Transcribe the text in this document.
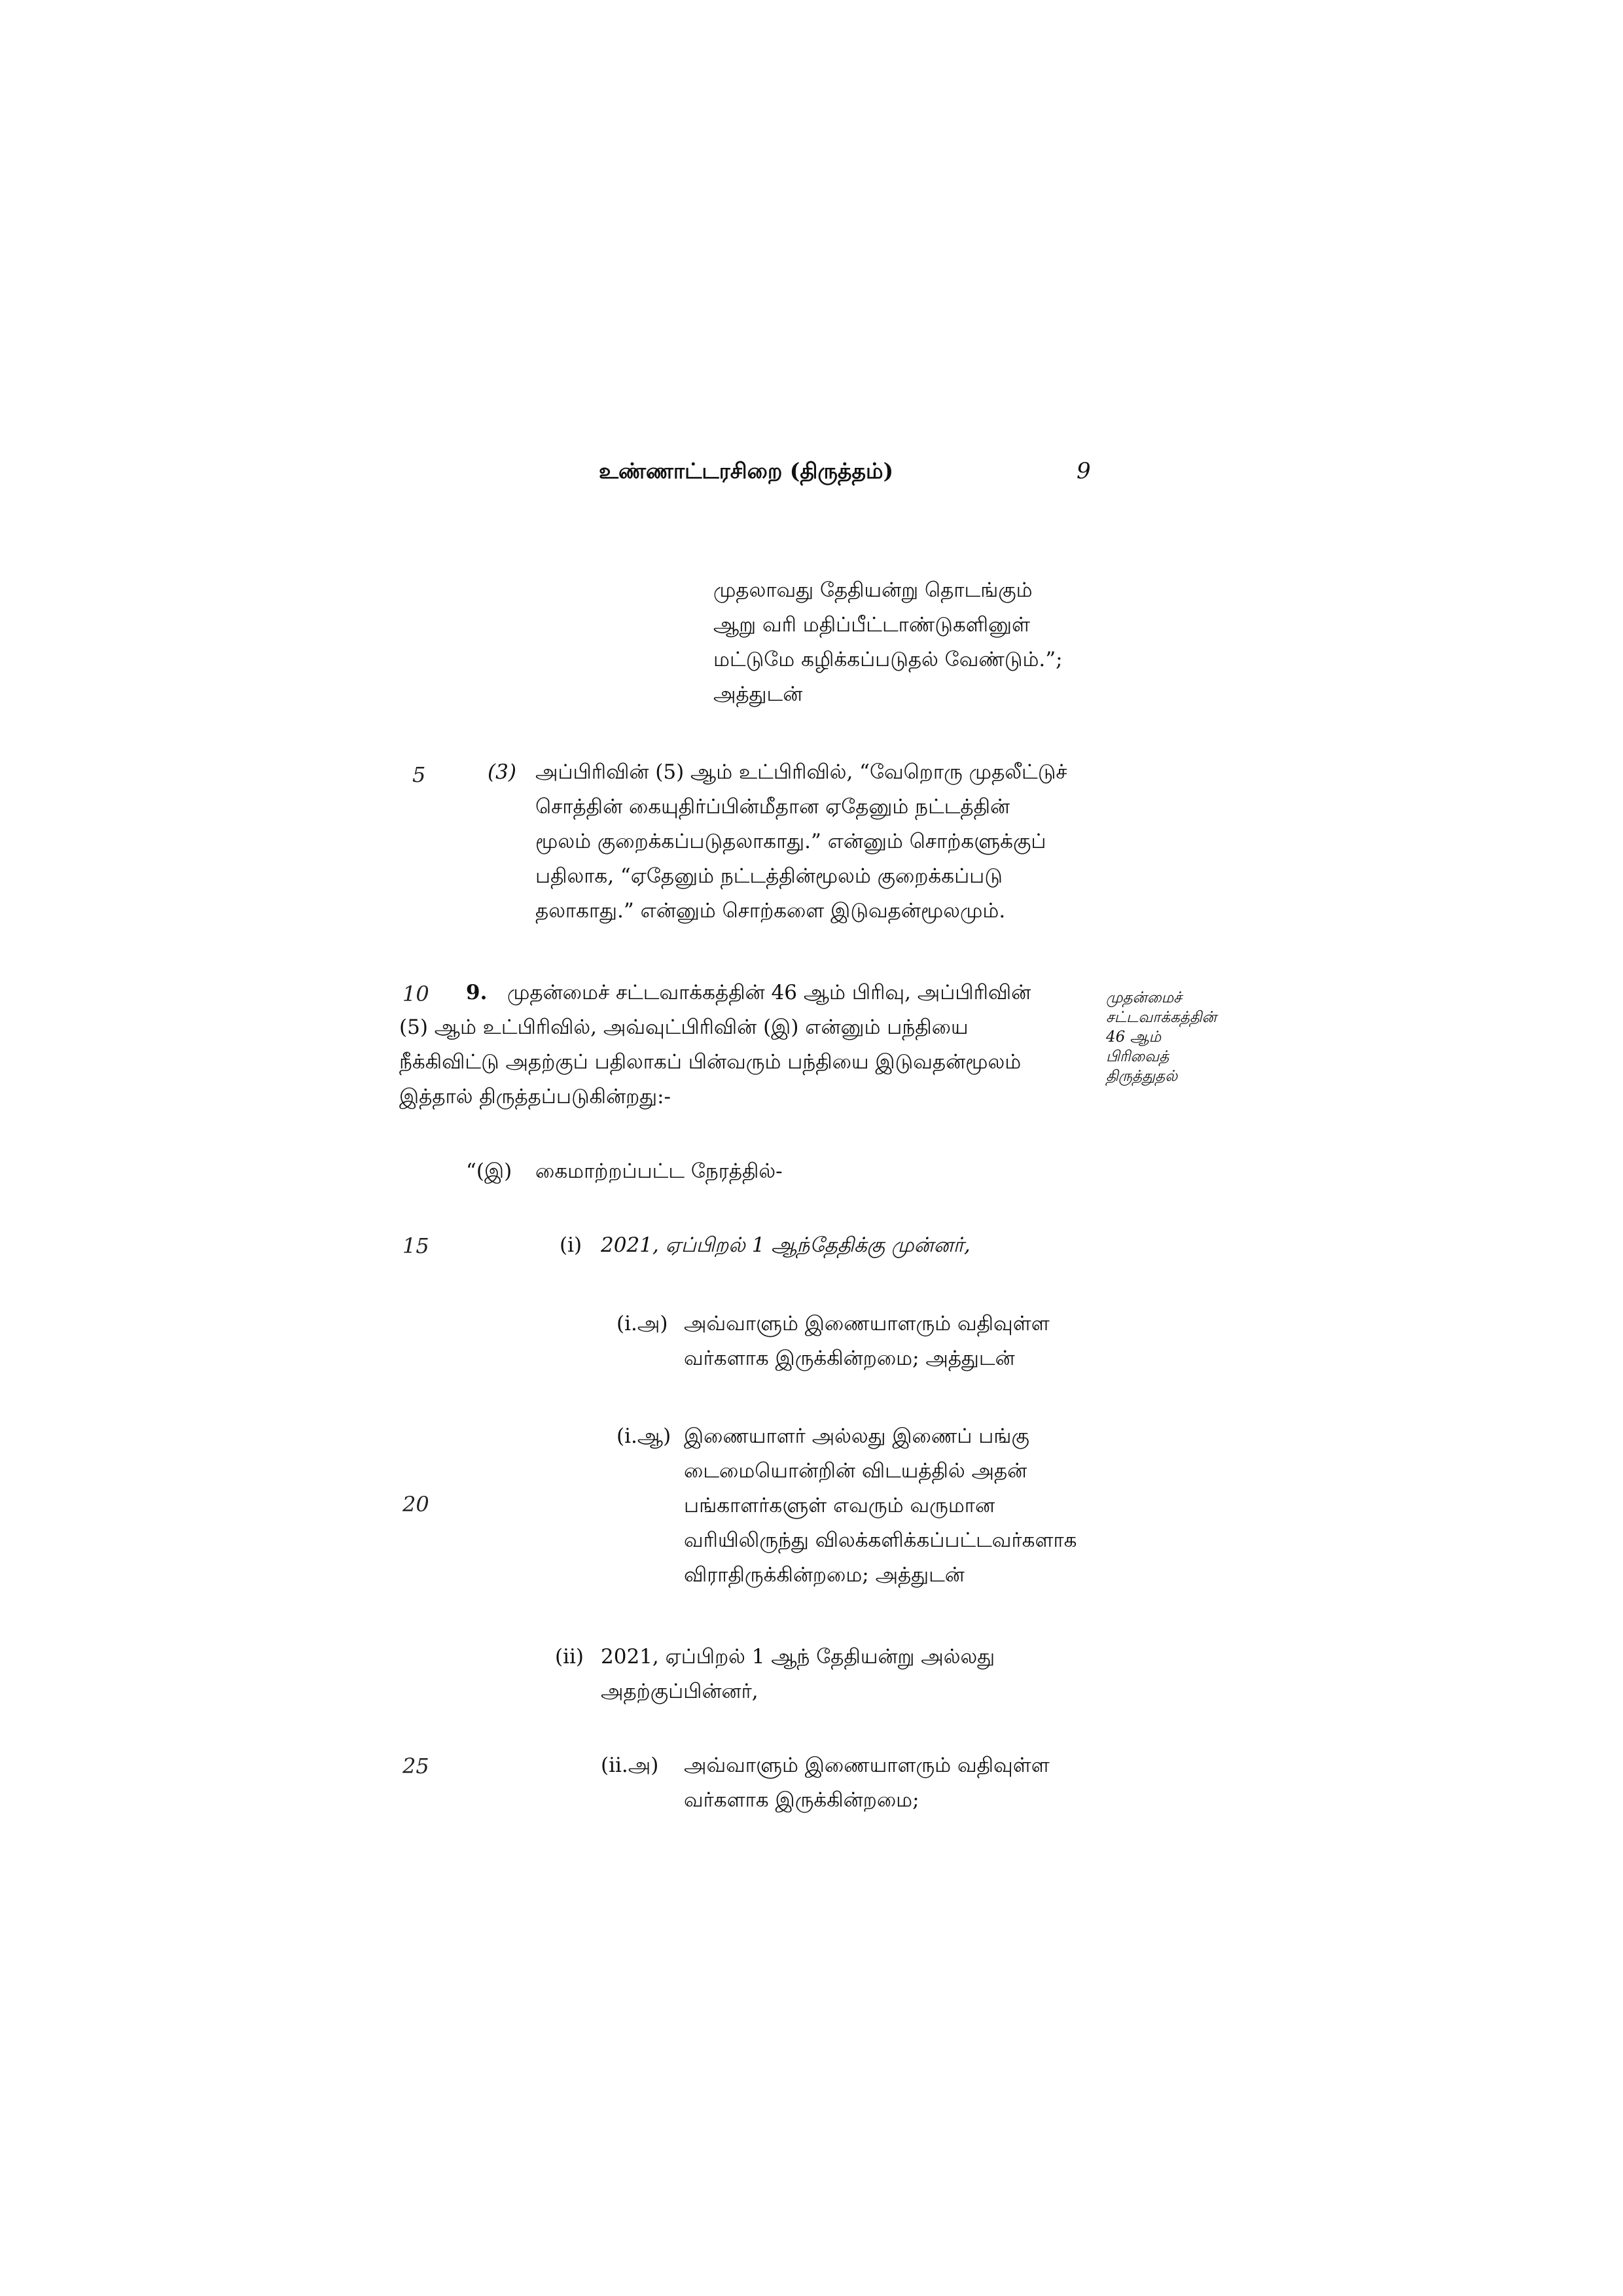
உண்ணாட்டரசிறை (திருத்தம்)	9
5
10
15
20
25
முதலாவது தேதியன்று தொடங்கும்
ஆறு வரி மதிப்பீட்டாண்டுகளினுள்
மட்டுமே கழிக்கப்படுதல் வேண்டும்.”;
அத்துடன்
(3) அப்பிரிவின் (5) ஆம் உட்பிரிவில், “வேறொரு முதலீட்டுச்
சொத்தின் கையுதிர்ப்பின்மீதான ஏதேனும் நட்டத்தின்
மூலம் குறைக்கப்படுதலாகாது.” என்னும் சொற்களுக்குப்
பதிலாக, “ஏதேனும் நட்டத்தின்மூலம் குறைக்கப்படு
தலாகாது.” என்னும் சொற்களை இடுவதன்மூலமும்.
9. முதன்மைச் சட்டவாக்கத்தின் 46 ஆம் பிரிவு, அப்பிரிவின்
(5) ஆம் உட்பிரிவில், அவ்வுட்பிரிவின் (இ) என்னும் பந்தியை
நீக்கிவிட்டு அதற்குப் பதிலாகப் பின்வரும் பந்தியை இடுவதன்மூலம்
இத்தால் திருத்தப்படுகின்றது:-
முதன்மைச்
சட்டவாக்கத்தின்
46 ஆம்
பிரிவைத்
திருத்துதல்
“(இ) கைமாற்றப்பட்ட நேரத்தில்-
(i) 2021, ஏப்பிறல் 1 ஆந்தேதிக்கு முன்னர்,
(i.அ) அவ்வாளும் இணையாளரும் வதிவுள்ள
வர்களாக இருக்கின்றமை; அத்துடன்
(i.ஆ) இணையாளர் அல்லது இணைப் பங்கு
டைமையொன்றின் விடயத்தில் அதன்
பங்காளர்களுள் எவரும் வருமான
வரியிலிருந்து விலக்களிக்கப்பட்டவர்களாக
விராதிருக்கின்றமை; அத்துடன்
(ii) 2021, ஏப்பிறல் 1 ஆந் தேதியன்று அல்லது
அதற்குப்பின்னர்,
(ii.அ) அவ்வாளும் இணையாளரும் வதிவுள்ள
வர்களாக இருக்கின்றமை;
